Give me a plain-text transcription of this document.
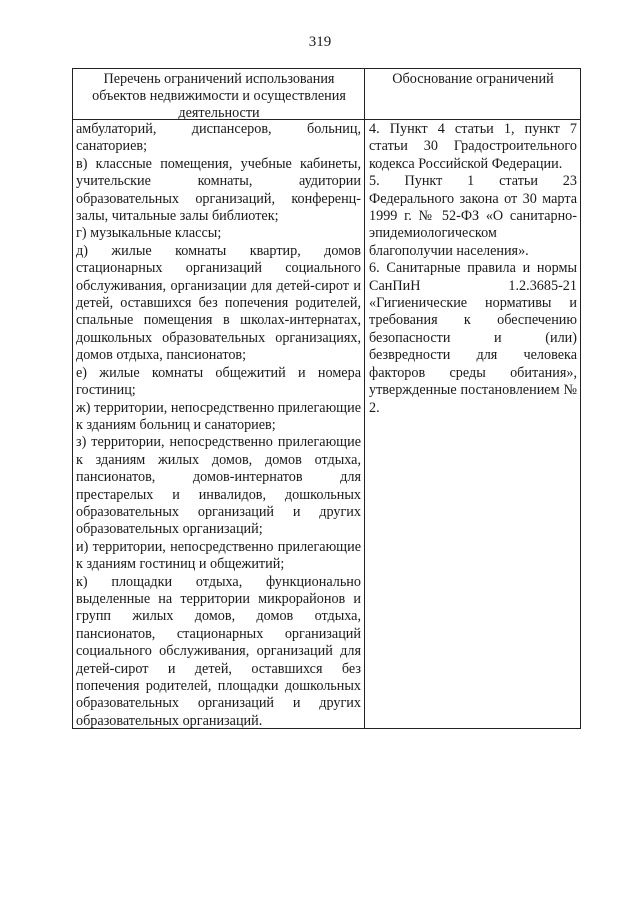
319
Перечень ограничений использования объектов недвижимости и осуществления деятельности
Обоснование ограничений

амбулаторий, диспансеров, больниц, санаториев;

в) классные помещения, учебные кабинеты, учительские комнаты, аудитории образовательных организаций, конференц-залы, читальные залы библиотек;

г) музыкальные классы;

д) жилые комнаты квартир, домов стационарных организаций социального обслуживания, организации для детей-сирот и детей, оставшихся без попечения родителей, спальные помещения в школах-интернатах, дошкольных образовательных организациях, домов отдыха, пансионатов;

е) жилые комнаты общежитий и номера гостиниц;

ж) территории, непосредственно прилегающие к зданиям больниц и санаториев;

з) территории, непосредственно прилегающие к зданиям жилых домов, домов отдыха, пансионатов, домов-интернатов для престарелых и инвалидов, дошкольных образовательных организаций и других образовательных организаций;

и) территории, непосредственно прилегающие к зданиям гостиниц и общежитий;

к) площадки отдыха, функционально выделенные на территории микрорайонов и групп жилых домов, домов отдыха, пансионатов, стационарных организаций социального обслуживания, организаций для детей-сирот и детей, оставшихся без попечения родителей, площадки дошкольных образовательных организаций и других образовательных организаций.

4. Пункт 4 статьи 1, пункт 7 статьи 30 Градостроительного кодекса Российской Федерации.

5. Пункт 1 статьи 23 Федерального закона от 30 марта 1999 г. № 52-ФЗ «О санитарно-эпидемиологическом благополучии населения».

6. Санитарные правила и нормы СанПиН 1.2.3685-21 «Гигиенические нормативы и требования к обеспечению безопасности и (или) безвредности для человека факторов среды обитания», утвержденные постановлением № 2.
